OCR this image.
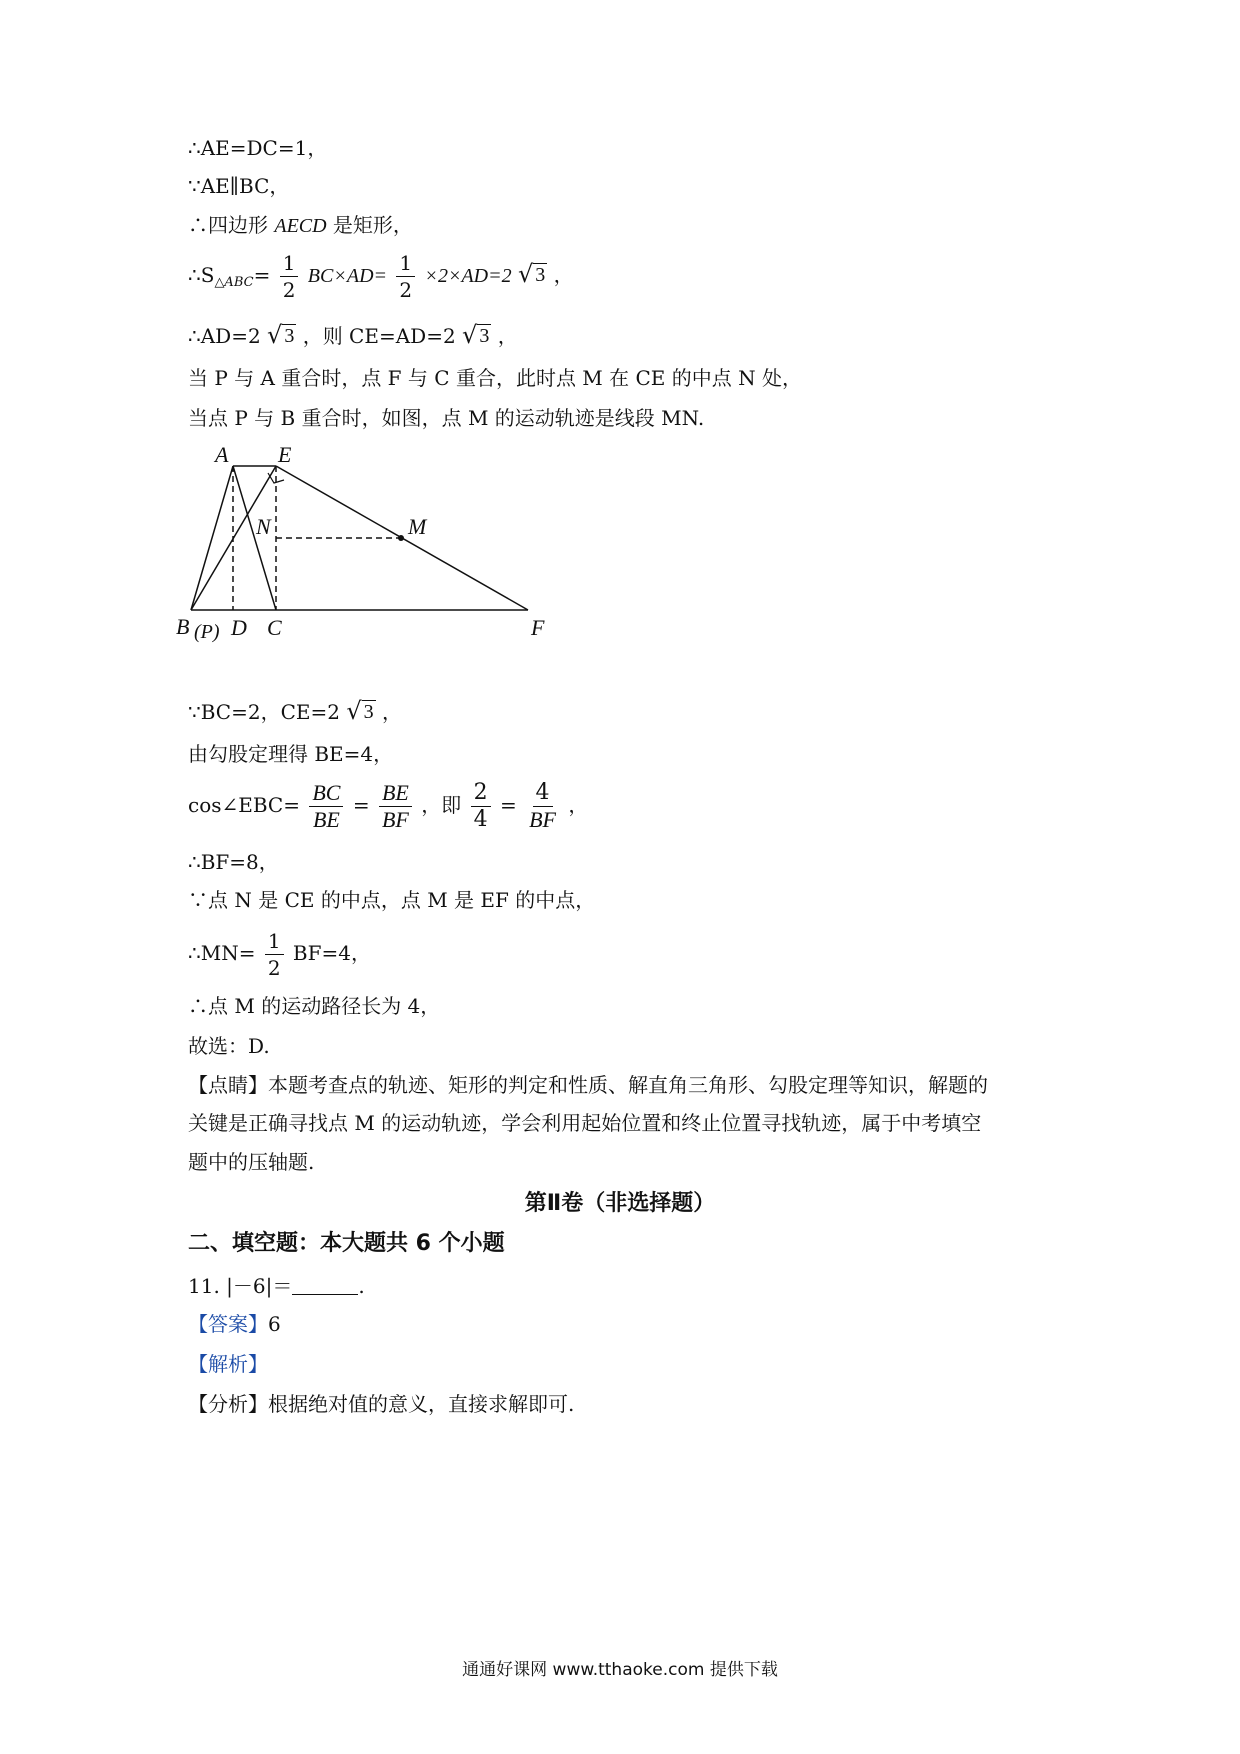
∴AE=DC=1，
∵AE∥BC，
∴四边形 AECD 是矩形，
$\therefore S_{\triangle ABC}= \frac{1}{2} BC\times AD= \frac{1}{2} \times 2\times AD=2$ √ 3 ，
∴AD=2 √ 3 ，则 CE=AD=2 √ 3 ，
当 P 与 A 重合时，点 F 与 C 重合，此时点 M 在 CE 的中点 N 处，
当点 P 与 B 重合时，如图，点 M 的运动轨迹是线段 MN.
A E
N	M
B (P) D C	F
∵BC=2，CE=2 √ 3 ，
由勾股定理得 BE=4，
cos∠EBC= $\frac{BC}{BE} = \frac{BE}{BF}$ ，即 $\frac{2}{4} = \frac{4}{BF}$ ，
∴BF=8，
∵点 N 是 CE 的中点，点 M 是 EF 的中点，
∴MN= $\frac{1}{2} BF=4$，
∴点 M 的运动路径长为 4，
故选：D.
【点睛】本题考查点的轨迹、矩形的判定和性质、解直角三角形、勾股定理等知识，解题的
关键是正确寻找点 M 的运动轨迹，学会利用起始位置和终止位置寻找轨迹，属于中考填空
题中的压轴题.
第Ⅱ卷（非选择题）
二、填空题：本大题共 6 个小题
11. |－6|＝	.
【答案】6
【解析】
【分析】根据绝对值的意义，直接求解即可.
通通好课网 www.tthaoke.com 提供下载
